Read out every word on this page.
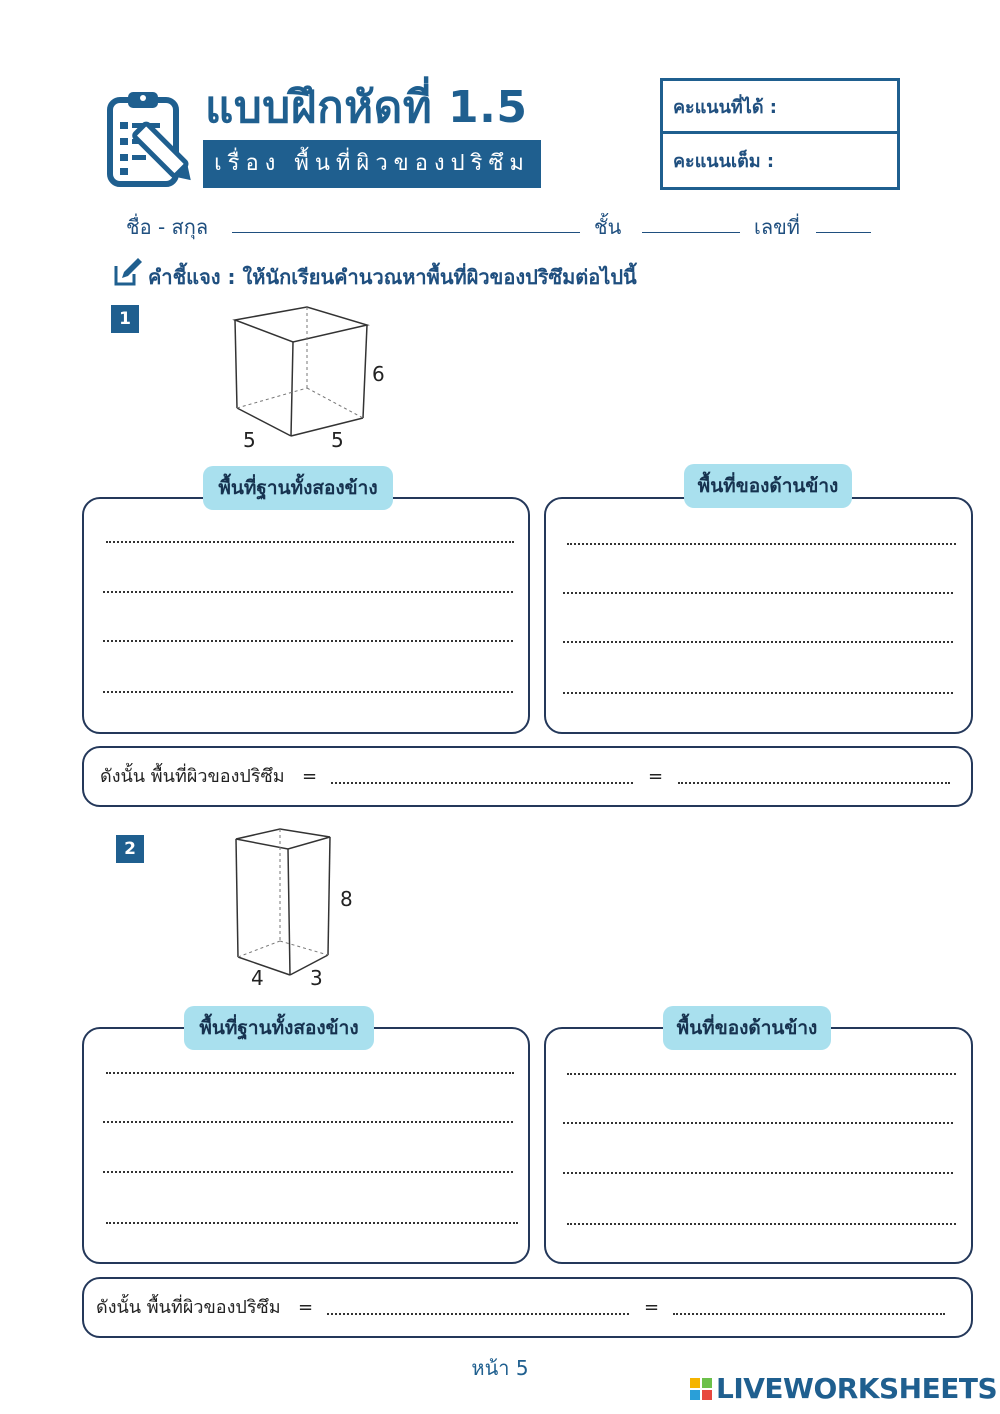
แบบฝึกหัดที่ 1.5
เรื่อง พื้นที่ผิวของปริซึม
คะแนนที่ได้ :
คะแนนเต็ม :
ชื่อ - สกุล	ชั้น	เลขที่
คำชี้แจง : ให้นักเรียนคำนวณหาพื้นที่ผิวของปริซึมต่อไปนี้
1
6
5	5
พื้นที่ฐานทั้งสองข้าง	พื้นที่ของด้านข้าง
ดังนั้น พื้นที่ผิวของปริซึม =	=
2
8
4 3
พื้นที่ฐานทั้งสองข้าง	พื้นที่ของด้านข้าง
ดังนั้น พื้นที่ผิวของปริซึม =	=
หน้า 5
LIVEWORKSHEETS
